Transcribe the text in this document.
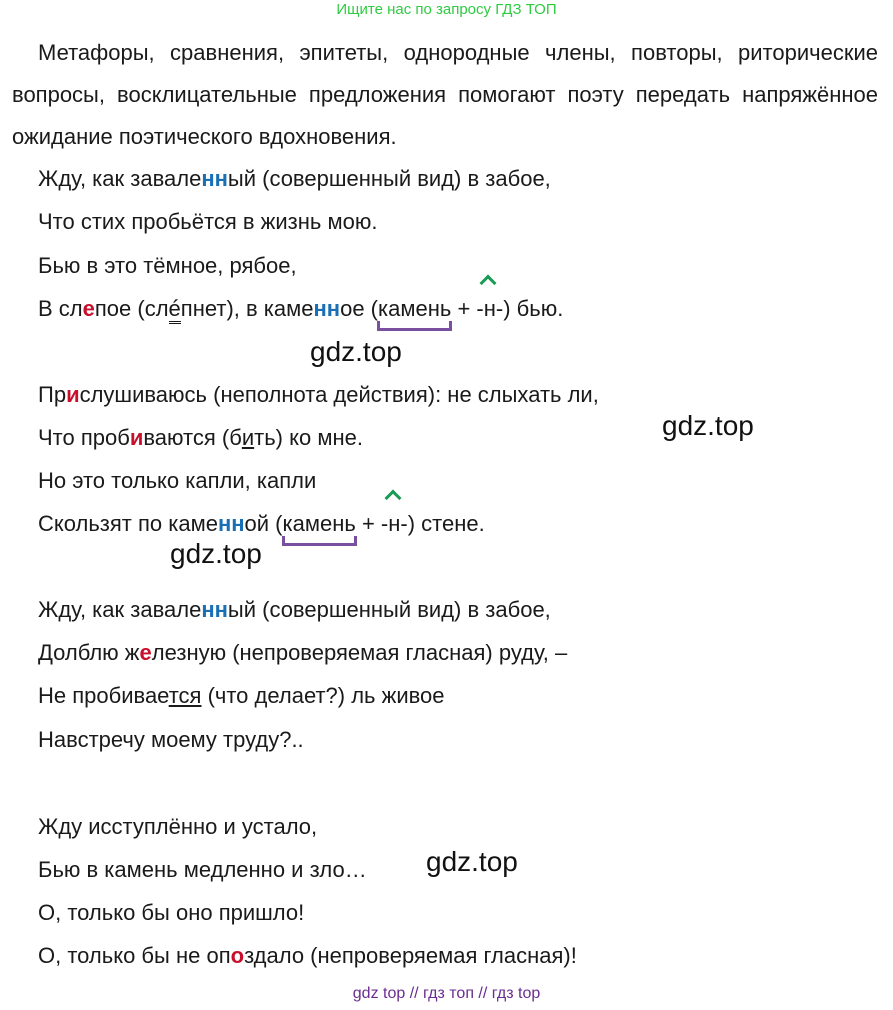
Ищите нас по запросу ГДЗ ТОП

Метафоры, сравнения, эпитеты, однородные члены, повторы, риторические вопросы, восклицательные предложения помогают поэту передать напряжённое ожидание поэтического вдохновения.

Жду, как заваленный (совершенный вид) в забое,
Что стих пробьётся в жизнь мою.
Бью в это тёмное, рябое,
В слепое (слéпнет), в каменное (камень
+
-н-) бью.
gdz.top
Прислушиваюсь (неполнота действия): не слыхать ли,
gdz.top
Что пробиваются (бить) ко мне.
Но это только капли, капли
Скользят по каменной (камень
+
-н-) стене.
gdz.top
Жду, как заваленный (совершенный вид) в забое,
Долблю железную (непроверяемая гласная) руду, –
Не пробивается (что делает?) ль живое
Навстречу моему труду?..
Жду исступлённо и устало,
Бью в камень медленно и зло… gdz.top
О, только бы оно пришло!
О, только бы не опоздало (непроверяемая гласная)!
gdz top // гдз топ // гдз top
